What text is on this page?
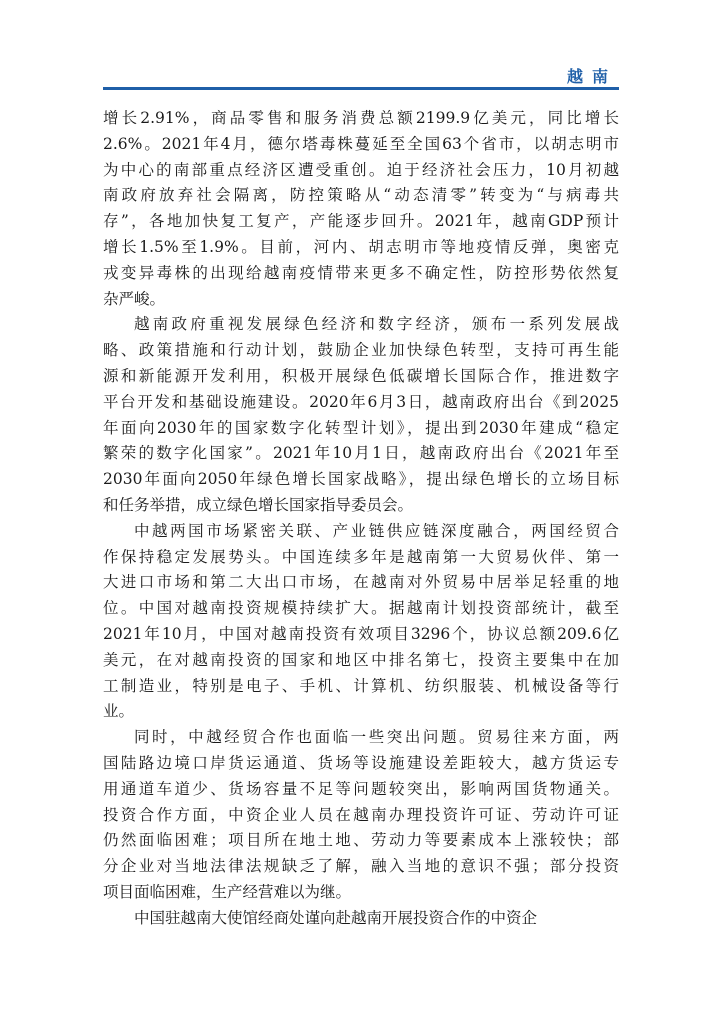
越南
增长2.91%，商品零售和服务消费总额2199.9亿美元，同比增长
2.6%。2021年4月，德尔塔毒株蔓延至全国63个省市，以胡志明市
为中心的南部重点经济区遭受重创。迫于经济社会压力，10月初越
南政府放弃社会隔离，防控策略从“动态清零”转变为“与病毒共
存”，各地加快复工复产，产能逐步回升。2021年，越南GDP预计
增长1.5%至1.9%。目前，河内、胡志明市等地疫情反弹，奥密克
戎变异毒株的出现给越南疫情带来更多不确定性，防控形势依然复
杂严峻。
越南政府重视发展绿色经济和数字经济，颁布一系列发展战
略、政策措施和行动计划，鼓励企业加快绿色转型，支持可再生能
源和新能源开发利用，积极开展绿色低碳增长国际合作，推进数字
平台开发和基础设施建设。2020年6月3日，越南政府出台《到2025
年面向2030年的国家数字化转型计划》，提出到2030年建成“稳定
繁荣的数字化国家”。2021年10月1日，越南政府出台《2021年至
2030年面向2050年绿色增长国家战略》，提出绿色增长的立场目标
和任务举措，成立绿色增长国家指导委员会。
中越两国市场紧密关联、产业链供应链深度融合，两国经贸合
作保持稳定发展势头。中国连续多年是越南第一大贸易伙伴、第一
大进口市场和第二大出口市场，在越南对外贸易中居举足轻重的地
位。中国对越南投资规模持续扩大。据越南计划投资部统计，截至
2021年10月，中国对越南投资有效项目3296个，协议总额209.6亿
美元，在对越南投资的国家和地区中排名第七，投资主要集中在加
工制造业，特别是电子、手机、计算机、纺织服装、机械设备等行
业。
同时，中越经贸合作也面临一些突出问题。贸易往来方面，两
国陆路边境口岸货运通道、货场等设施建设差距较大，越方货运专
用通道车道少、货场容量不足等问题较突出，影响两国货物通关。
投资合作方面，中资企业人员在越南办理投资许可证、劳动许可证
仍然面临困难；项目所在地土地、劳动力等要素成本上涨较快；部
分企业对当地法律法规缺乏了解，融入当地的意识不强；部分投资
项目面临困难，生产经营难以为继。
中国驻越南大使馆经商处谨向赴越南开展投资合作的中资企
